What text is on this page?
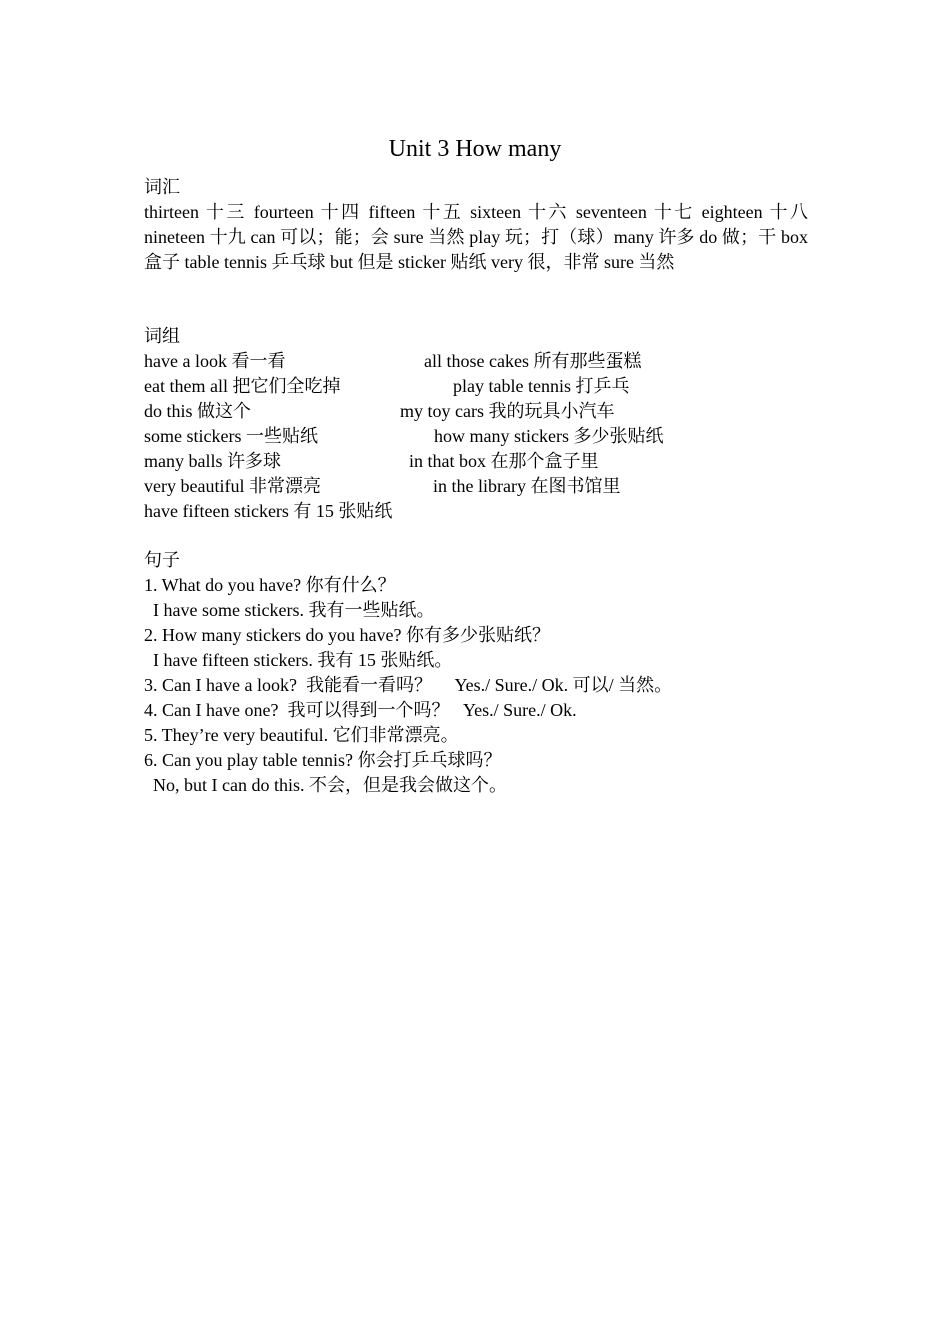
Unit 3 How many
词汇
thirteen 十三 fourteen 十四 fifteen 十五 sixteen 十六 seventeen 十七 eighteen 十八 nineteen 十九 can 可以；能；会 sure 当然 play 玩；打（球）many 许多 do 做；干 box 盒子 table tennis 乒乓球 but 但是 sticker 贴纸 very 很，非常 sure 当然
词组
have a look 看一看
eat them all 把它们全吃掉
do this 做这个
some stickers 一些贴纸
many balls 许多球
very beautiful 非常漂亮
have fifteen stickers 有 15 张贴纸
all those cakes 所有那些蛋糕
play table tennis 打乒乓
my toy cars 我的玩具小汽车
how many stickers 多少张贴纸
in that box 在那个盒子里
in the library 在图书馆里
句子
1. What do you have? 你有什么？
I have some stickers. 我有一些贴纸。
2. How many stickers do you have? 你有多少张贴纸？
I have fifteen stickers. 我有 15 张贴纸。
3. Can I have a look?  我能看一看吗？     Yes./ Sure./ Ok. 可以/ 当然。
4. Can I have one?  我可以得到一个吗？   Yes./ Sure./ Ok.
5. They’re very beautiful. 它们非常漂亮。
6. Can you play table tennis? 你会打乒乓球吗？
No, but I can do this. 不会，但是我会做这个。
